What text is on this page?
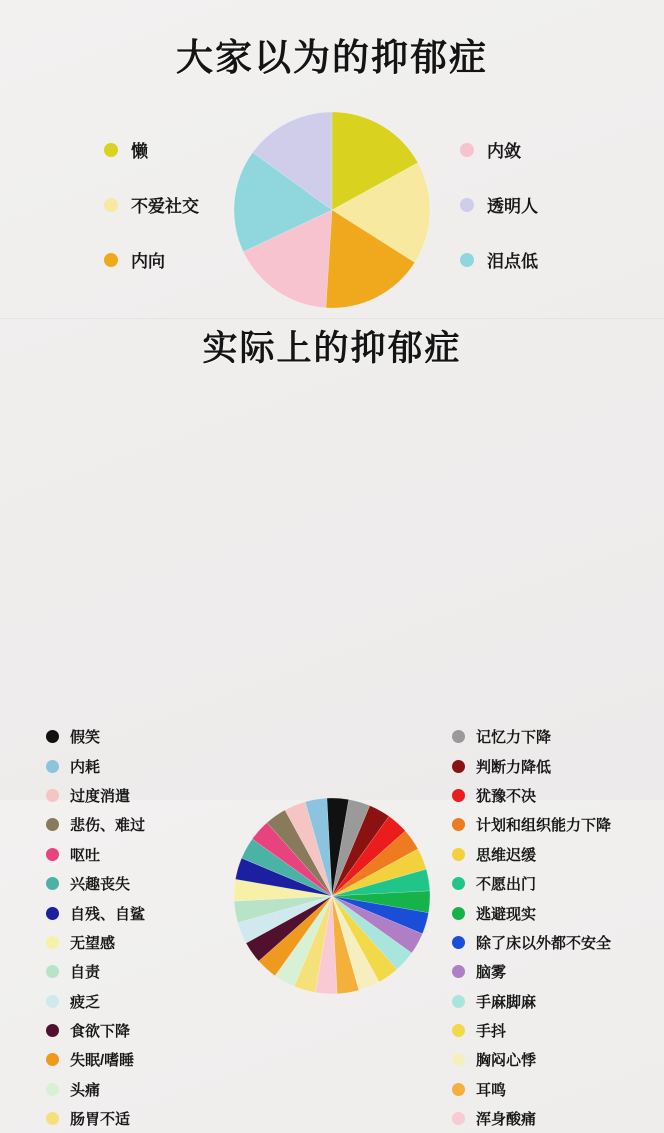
大家以为的抑郁症
懒
不爱社交
内向
内敛
透明人
泪点低
实际上的抑郁症
假笑
内耗
过度消遣
悲伤、难过
呕吐
兴趣丧失
自残、自鲨
无望感
自责
疲乏
食欲下降
失眠/嗜睡
头痛
肠胃不适
记忆力下降
判断力降低
犹豫不决
计划和组织能力下降
思维迟缓
不愿出门
逃避现实
除了床以外都不安全
脑雾
手麻脚麻
手抖
胸闷心悸
耳鸣
浑身酸痛
